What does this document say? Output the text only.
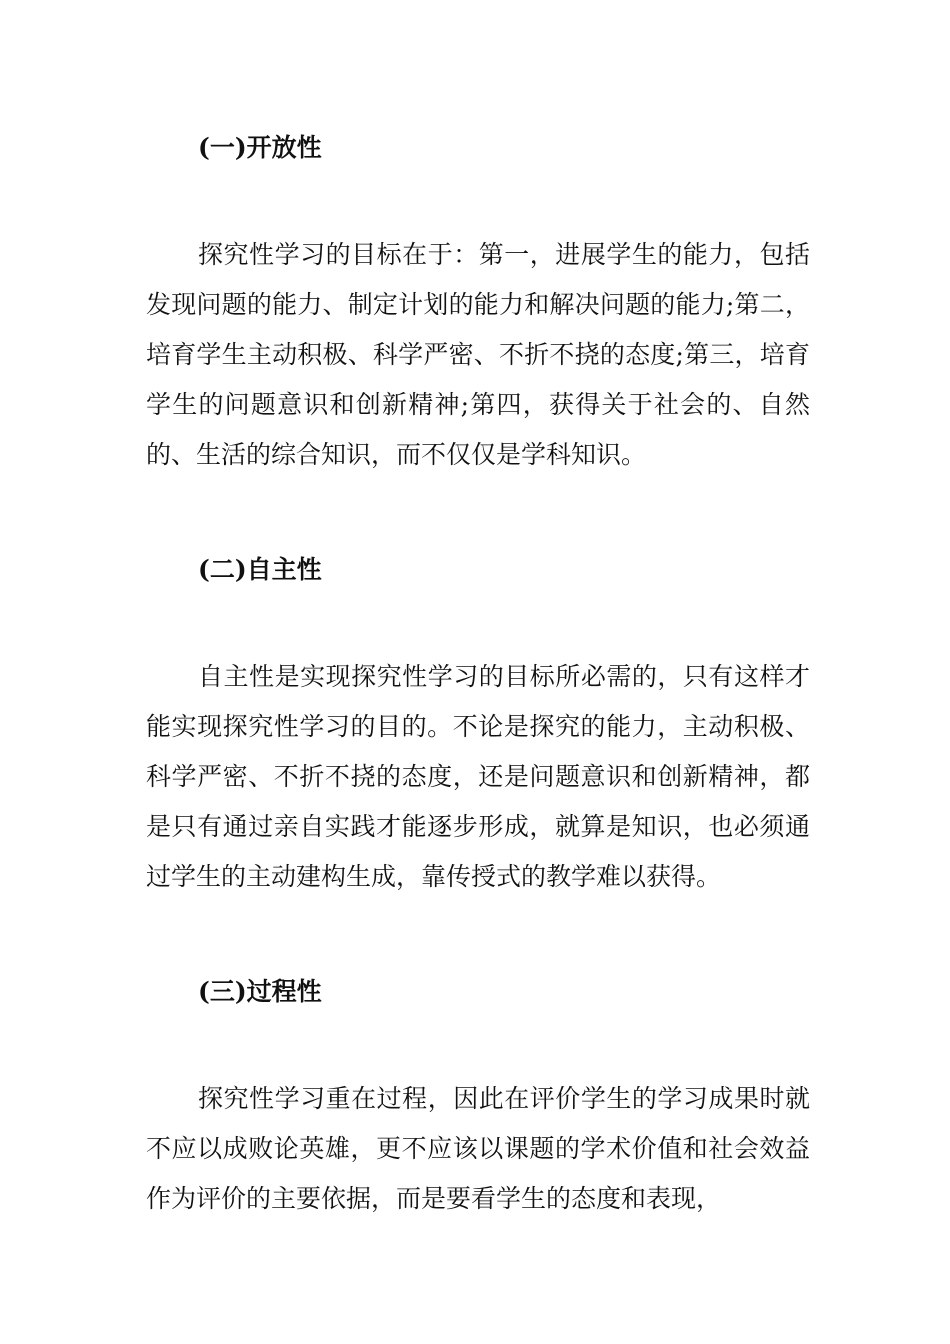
(一)开放性

探究性学习的目标在于：第一，进展学生的能力，包括发现问题的能力、制定计划的能力和解决问题的能力;第二，培育学生主动积极、科学严密、不折不挠的态度;第三，培育学生的问题意识和创新精神;第四，获得关于社会的、自然的、生活的综合知识，而不仅仅是学科知识。

(二)自主性

自主性是实现探究性学习的目标所必需的，只有这样才能实现探究性学习的目的。不论是探究的能力，主动积极、科学严密、不折不挠的态度，还是问题意识和创新精神，都是只有通过亲自实践才能逐步形成，就算是知识，也必须通过学生的主动建构生成，靠传授式的教学难以获得。

(三)过程性

探究性学习重在过程，因此在评价学生的学习成果时就不应以成败论英雄，更不应该以课题的学术价值和社会效益作为评价的主要依据，而是要看学生的态度和表现，
